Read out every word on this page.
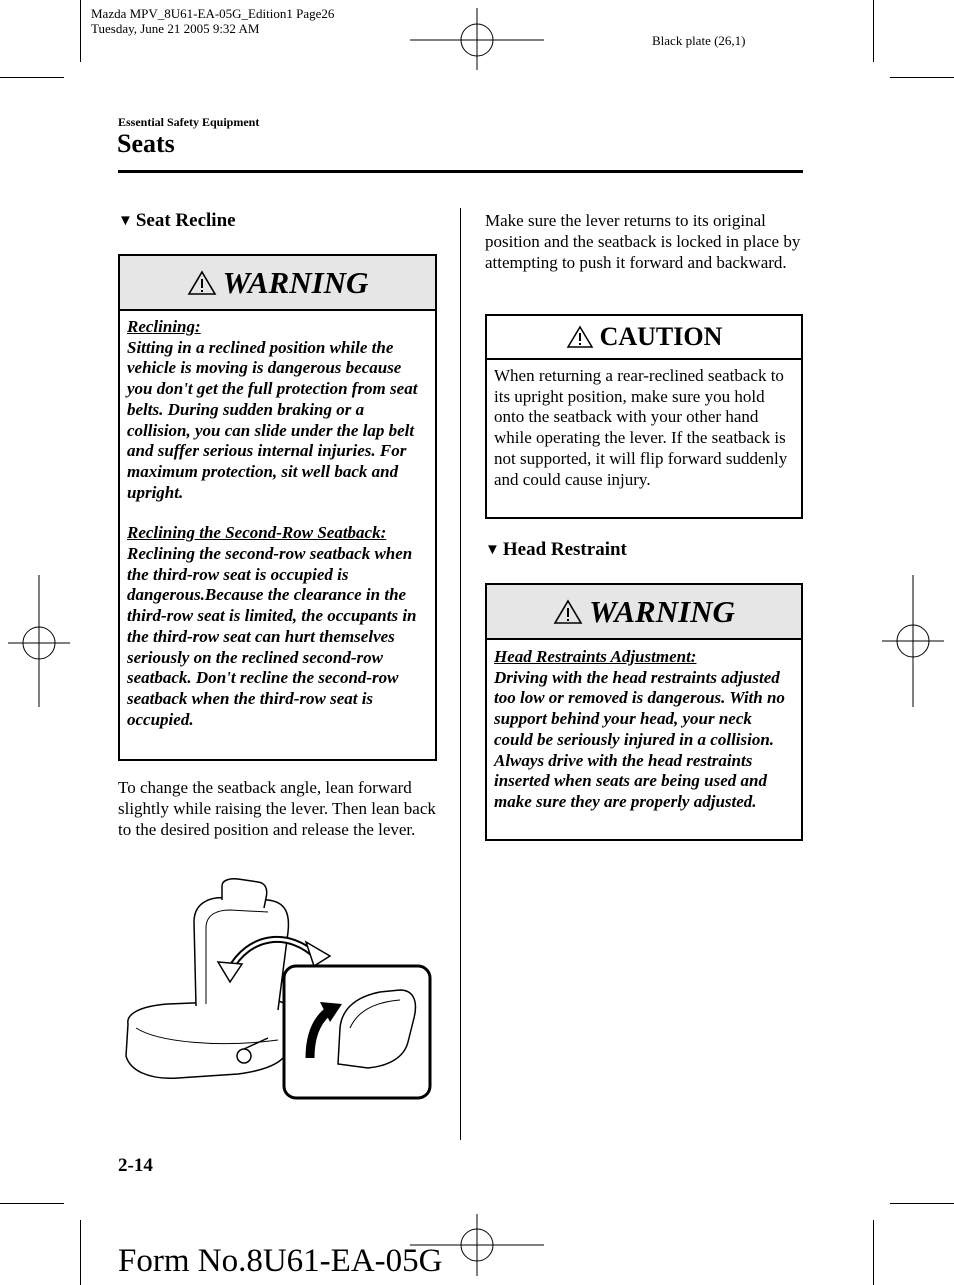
Mazda MPV_8U61-EA-05G_Edition1 Page26
Tuesday, June 21 2005 9:32 AM
Black plate (26,1)
Essential Safety Equipment
Seats
▼ Seat Recline
WARNING
Reclining:
Sitting in a reclined position while the vehicle is moving is dangerous because you don't get the full protection from seat belts. During sudden braking or a collision, you can slide under the lap belt and suffer serious internal injuries. For maximum protection, sit well back and upright.
Reclining the Second-Row Seatback:
Reclining the second-row seatback when the third-row seat is occupied is dangerous.Because the clearance in the third-row seat is limited, the occupants in the third-row seat can hurt themselves seriously on the reclined second-row seatback. Don't recline the second-row seatback when the third-row seat is occupied.
To change the seatback angle, lean forward slightly while raising the lever. Then lean back to the desired position and release the lever.
Make sure the lever returns to its original position and the seatback is locked in place by attempting to push it forward and backward.
CAUTION
When returning a rear-reclined seatback to its upright position, make sure you hold onto the seatback with your other hand while operating the lever. If the seatback is not supported, it will flip forward suddenly and could cause injury.
▼ Head Restraint
WARNING
Head Restraints Adjustment:
Driving with the head restraints adjusted too low or removed is dangerous. With no support behind your head, your neck could be seriously injured in a collision. Always drive with the head restraints inserted when seats are being used and make sure they are properly adjusted.
2-14
Form No.8U61-EA-05G
